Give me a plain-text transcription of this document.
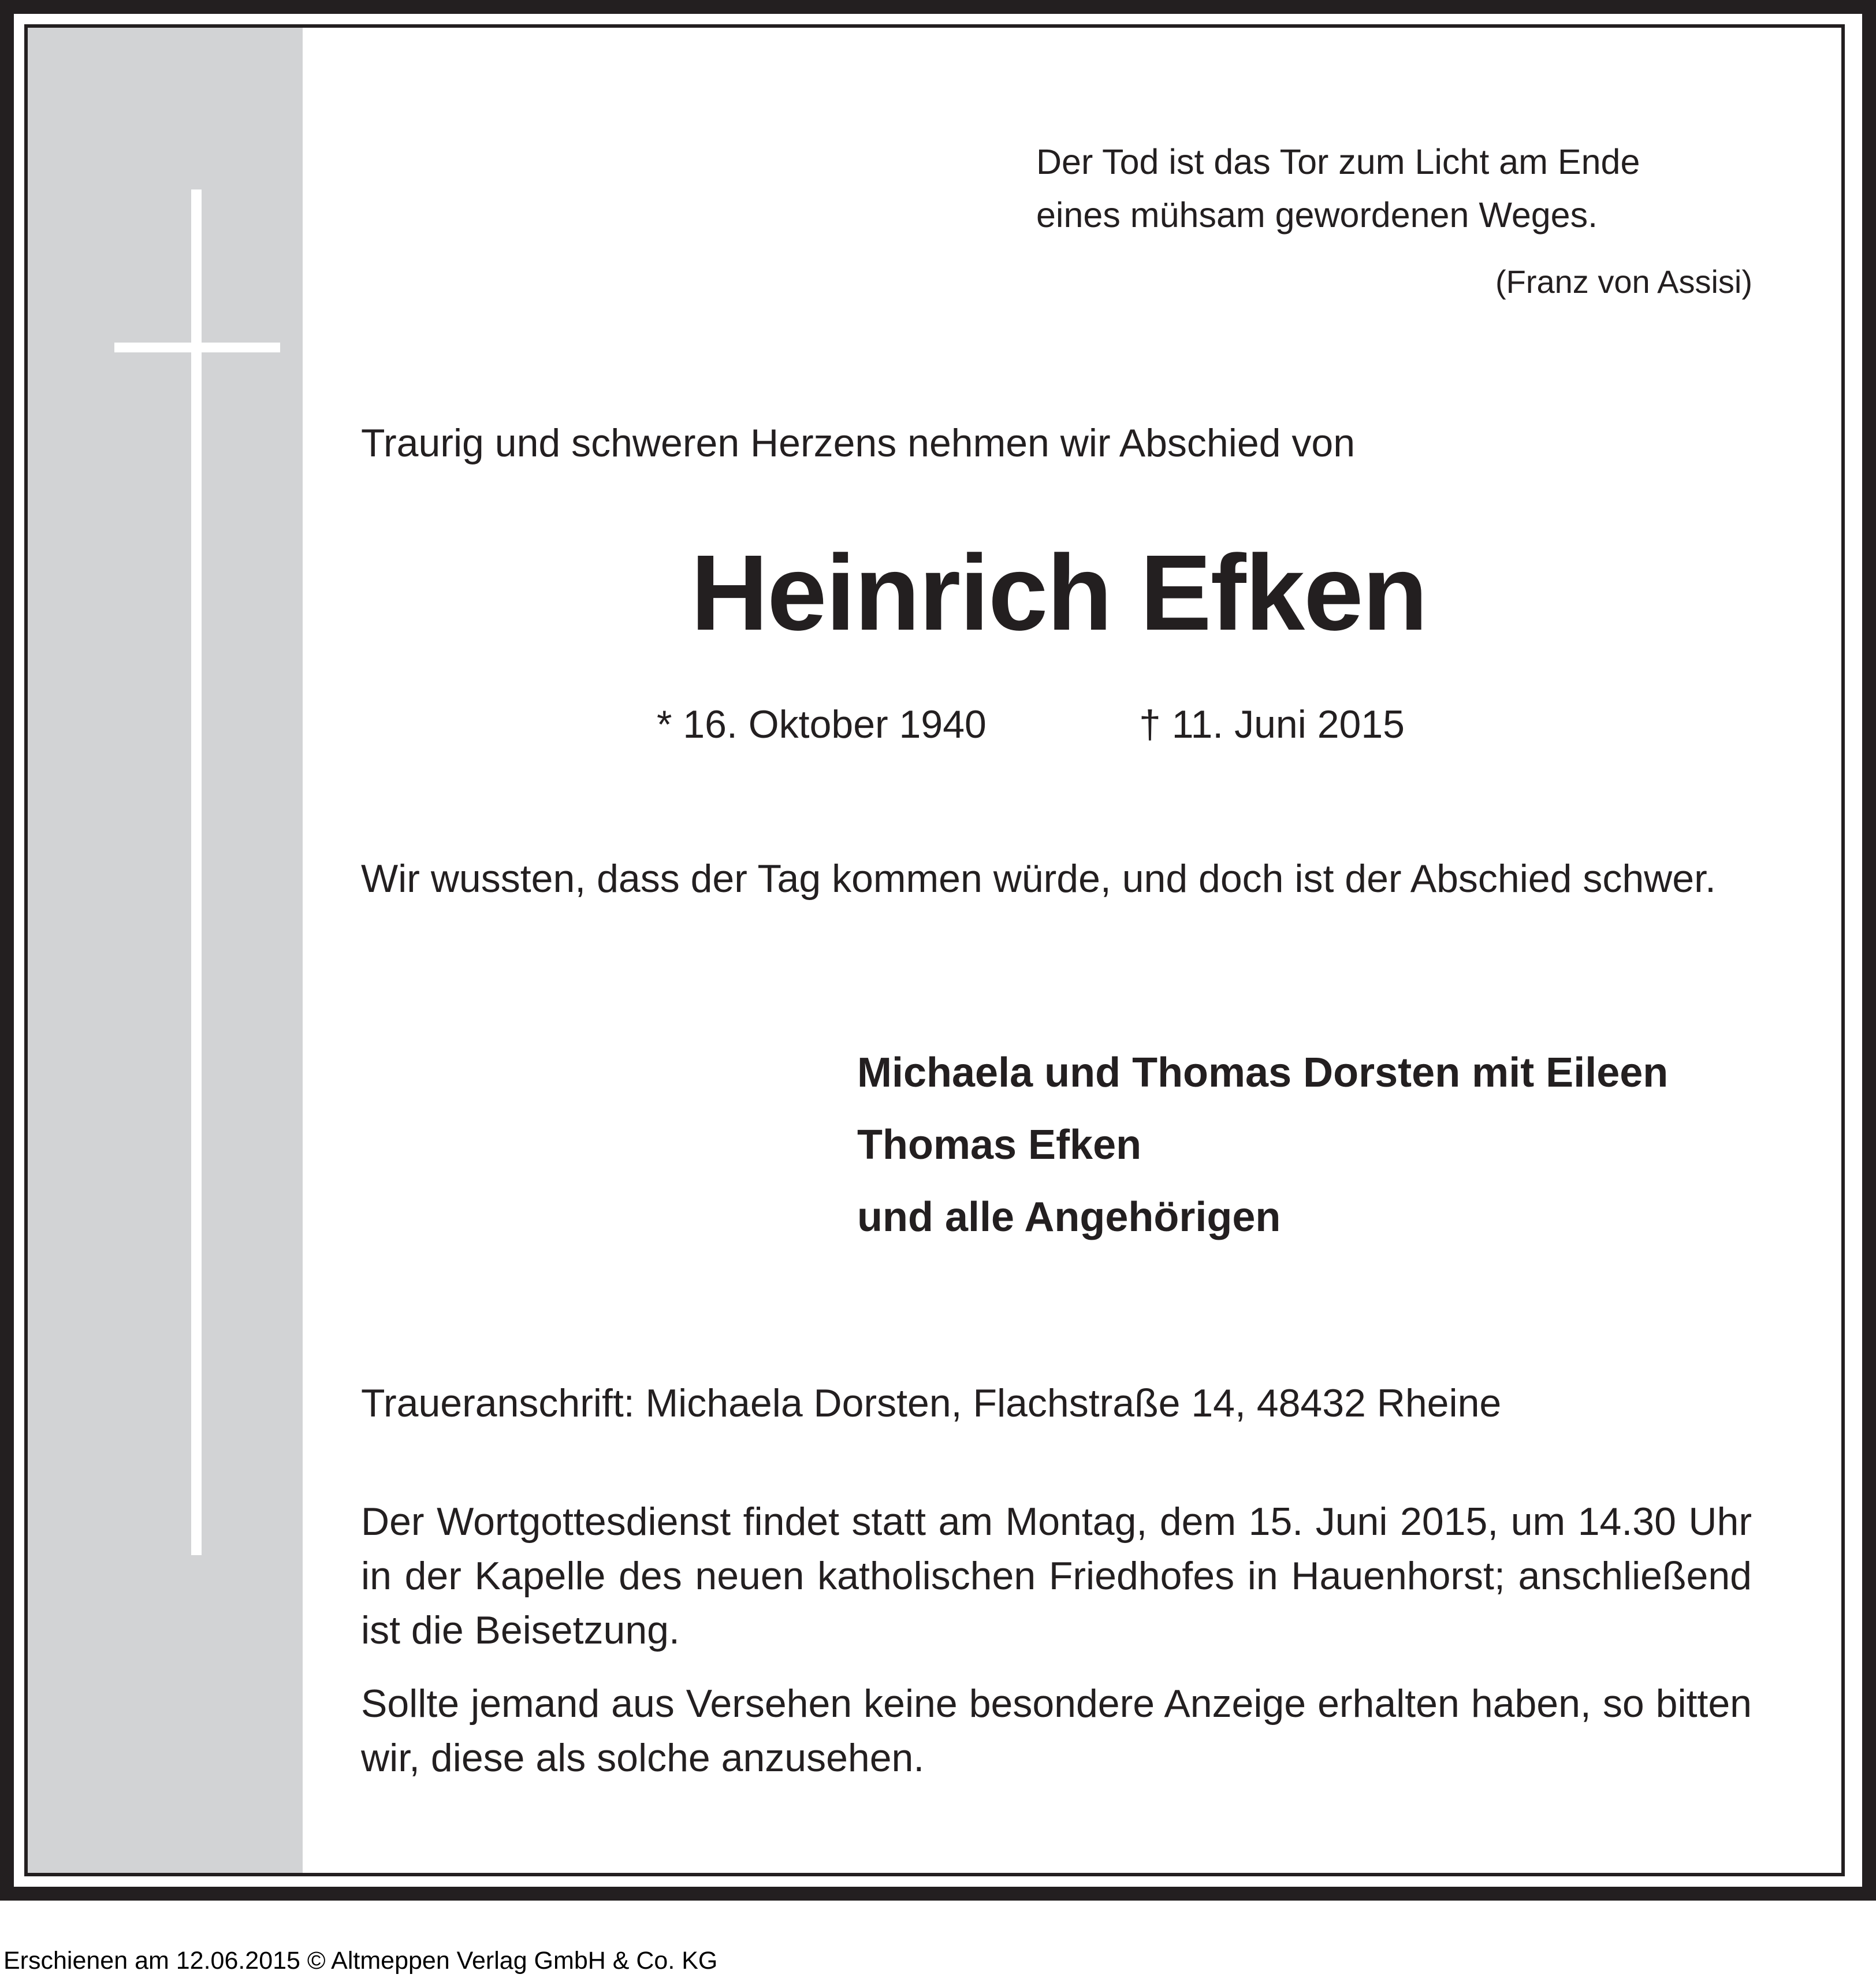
Der Tod ist das Tor zum Licht am Ende
eines mühsam gewordenen Weges.
(Franz von Assisi)
Traurig und schweren Herzens nehmen wir Abschied von
Heinrich Efken
* 16. Oktober 1940	† 11. Juni 2015
Wir wussten, dass der Tag kommen würde, und doch ist der Abschied schwer.
Michaela und Thomas Dorsten mit Eileen
Thomas Efken
und alle Angehörigen
Traueranschrift: Michaela Dorsten, Flachstraße 14, 48432 Rheine
Der Wortgottesdienst findet statt am Montag, dem 15. Juni 2015, um 14.30 Uhr in der Kapelle des neuen katholischen Friedhofes in Hauenhorst; anschließend ist die Beisetzung.
Sollte jemand aus Versehen keine besondere Anzeige erhalten haben, so bitten wir, diese als solche anzusehen.
Erschienen am 12.06.2015 © Altmeppen Verlag GmbH & Co. KG
